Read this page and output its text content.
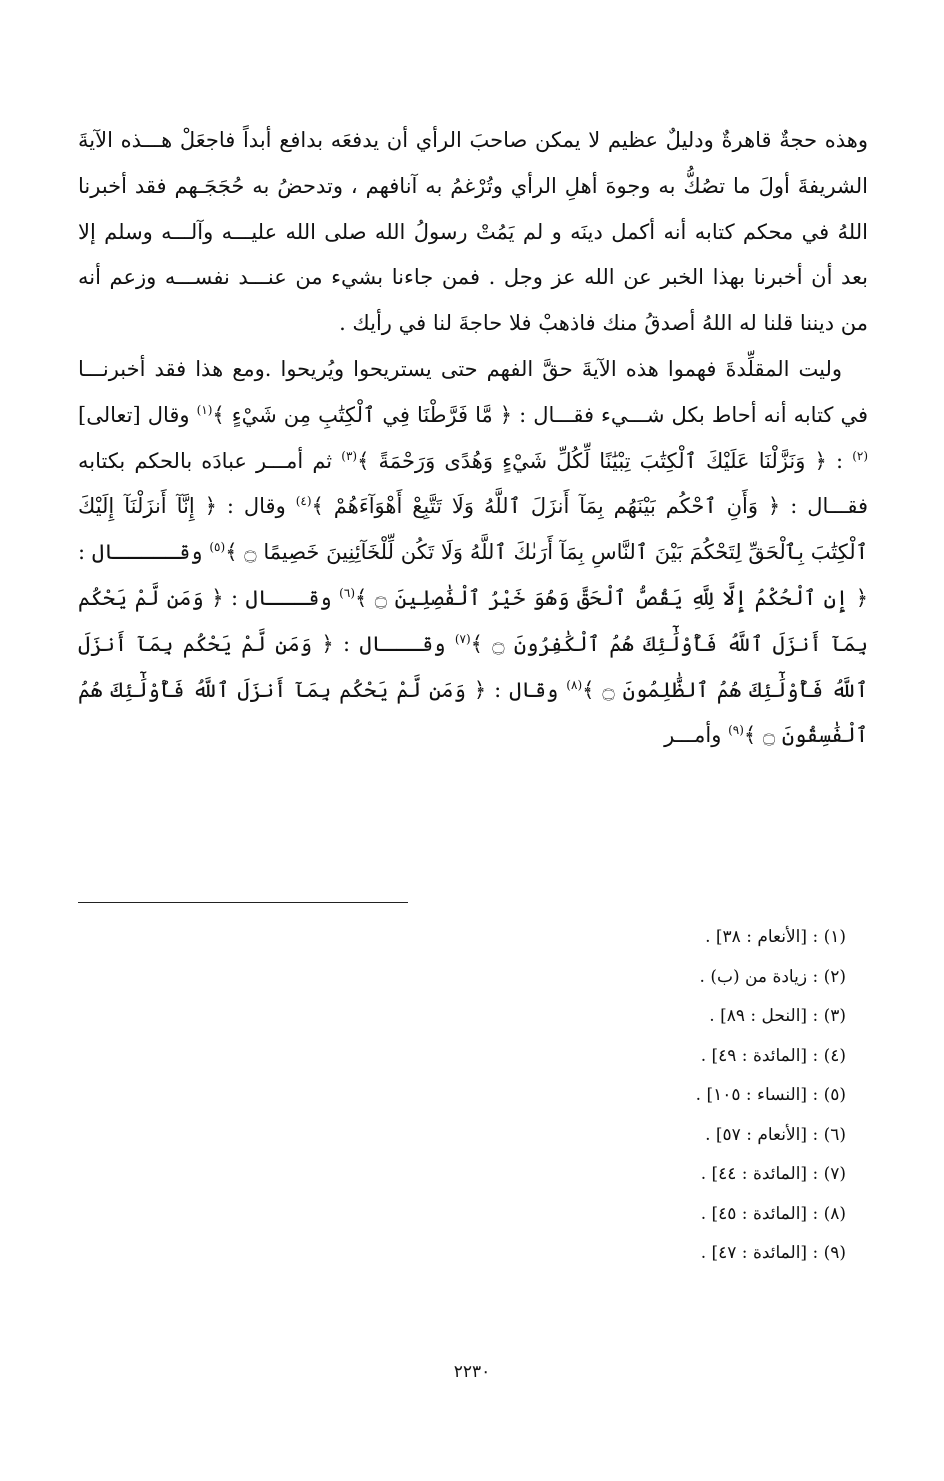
وهذه حجةٌ قاهرةٌ ودليلٌ عظيم لا يمكن صاحبَ الرأي أن يدفعَه بدافع أبداً فاجعَلْ هـــذه الآيةَ الشريفةَ أولَ ما تصُكُّ به وجوهَ أهلِ الرأي وتُرْغمُ به آنافهم ، وتدحضُ به حُجَجَـهم فقد أخبرنا اللهُ في محكم كتابه أنه أكمل دينَه و لم يَمُتْ رسولُ الله صلى الله عليـــه وآلـــه وسلم إلا بعد أن أخبرنا بهذا الخبر عن الله عز وجل . فمن جاءنا بشيء من عنـــد نفســـه وزعم أنه من ديننا قلنا له اللهُ أصدقُ منك فاذهبْ فلا حاجةَ لنا في رأيك .

وليت المقلِّدةَ فهموا هذه الآيةَ حقَّ الفهم حتى يستريحوا ويُريحوا .ومع هذا فقد أخبرنـــا في كتابه أنه أحاط بكل شـــيء فقـــال : ﴿ مَّا فَرَّطْنَا فِي ٱلْكِتَٰبِ مِن شَيْءٍ ﴾$^{(١)}$ وقال [تعالى]$^{(٢)}$ : ﴿ وَنَزَّلْنَا عَلَيْكَ ٱلْكِتَٰبَ تِبْيَٰنًا لِّكُلِّ شَيْءٍ وَهُدًى وَرَحْمَةً ﴾$^{(٣)}$ ثم أمـــر عبادَه بالحكم بكتابه فقـــال : ﴿ وَأَنِ ٱحْكُم بَيْنَهُم بِمَآ أَنزَلَ ٱللَّهُ وَلَا تَتَّبِعْ أَهْوَآءَهُمْ ﴾$^{(٤)}$ وقال : ﴿ إِنَّآ أَنزَلْنَآ إِلَيْكَ ٱلْكِتَٰبَ بِٱلْحَقِّ لِتَحْكُمَ بَيْنَ ٱلنَّاسِ بِمَآ أَرَىٰكَ ٱللَّهُ وَلَا تَكُن لِّلْخَآئِنِينَ خَصِيمًا ۝ ﴾$^{(٥)}$ وقـــــال : ﴿ إِنِ ٱلْحُكْمُ إِلَّا لِلَّهِ يَقُصُّ ٱلْحَقَّ وَهُوَ خَيْرُ ٱلْفَٰصِلِينَ ۝ ﴾$^{(٦)}$ وقـــال : ﴿ وَمَن لَّمْ يَحْكُم بِمَآ أَنزَلَ ٱللَّهُ فَأُوْلَٰٓئِكَ هُمُ ٱلْكَٰفِرُونَ ۝ ﴾$^{(٧)}$ وقـــال : ﴿ وَمَن لَّمْ يَحْكُم بِمَآ أَنزَلَ ٱللَّهُ فَأُوْلَٰٓئِكَ هُمُ ٱلظَّٰلِمُونَ ۝ ﴾$^{(٨)}$ وقال : ﴿ وَمَن لَّمْ يَحْكُم بِمَآ أَنزَلَ ٱللَّهُ فَأُوْلَٰٓئِكَ هُمُ ٱلْفَٰسِقُونَ ۝ ﴾$^{(٩)}$ وأمـــر

(١) : [الأنعام : ٣٨] .
(٢) : زيادة من (ب) .
(٣) : [النحل : ٨٩] .
(٤) : [المائدة : ٤٩] .
(٥) : [النساء : ١٠٥] .
(٦) : [الأنعام : ٥٧] .
(٧) : [المائدة : ٤٤] .
(٨) : [المائدة : ٤٥] .
(٩) : [المائدة : ٤٧] .
٢٢٣٠
